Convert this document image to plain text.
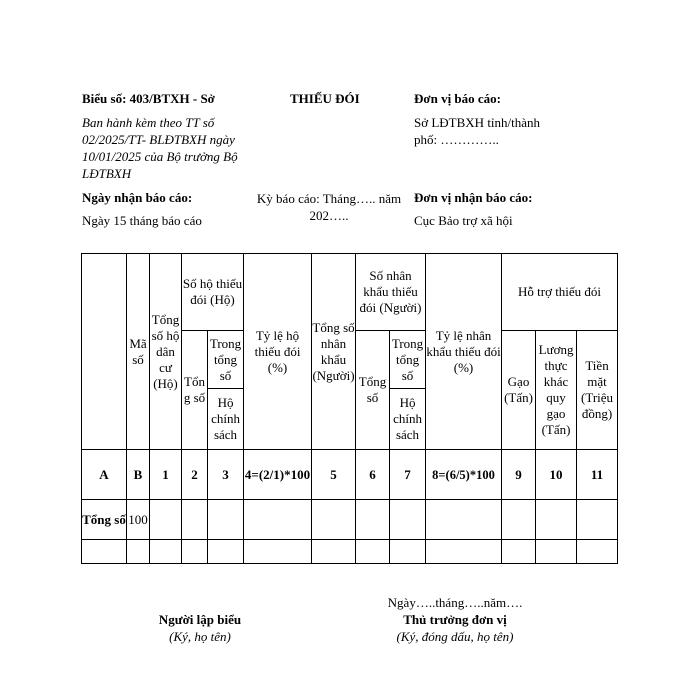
Biểu số: 403/BTXH - Sở
Ban hành kèm theo TT số 02/2025/TT- BLĐTBXH ngày 10/01/2025 của Bộ trưởng Bộ LĐTBXH
THIẾU ĐÓI	Đơn vị báo cáo:
Sở LĐTBXH tỉnh/thành phố: …………..
Ngày nhận báo cáo:
Ngày 15 tháng báo cáo
Kỳ báo cáo: Tháng….. năm 202…..
Đơn vị nhận báo cáo:
Cục Bảo trợ xã hội
	Mã số	Tổng số hộ dân cư (Hộ)	Số hộ thiếu đói (Hộ)		Tỷ lệ hộ thiếu đói (%)	Tổng số nhân khẩu (Người)	Số nhân khẩu thiếu đói (Người)		Tỷ lệ nhân khẩu thiếu đói (%)	Hỗ trợ thiếu đói		
			Tổng số	Trong tổng số			Tổng số	Trong tổng số		Gạo (Tấn)	Lương thực khác quy gạo (Tấn)	Tiền mặt (Triệu đồng)
				Hộ chính sách				Hộ chính sách				
A	B	1	2	3	4=(2/1)*100	5	6	7	8=(6/5)*100	9	10	11
Tổng số	100											

Người lập biểu
(Ký, họ tên)
Ngày…..tháng…..năm….
Thủ trưởng đơn vị
(Ký, đóng dấu, họ tên)
